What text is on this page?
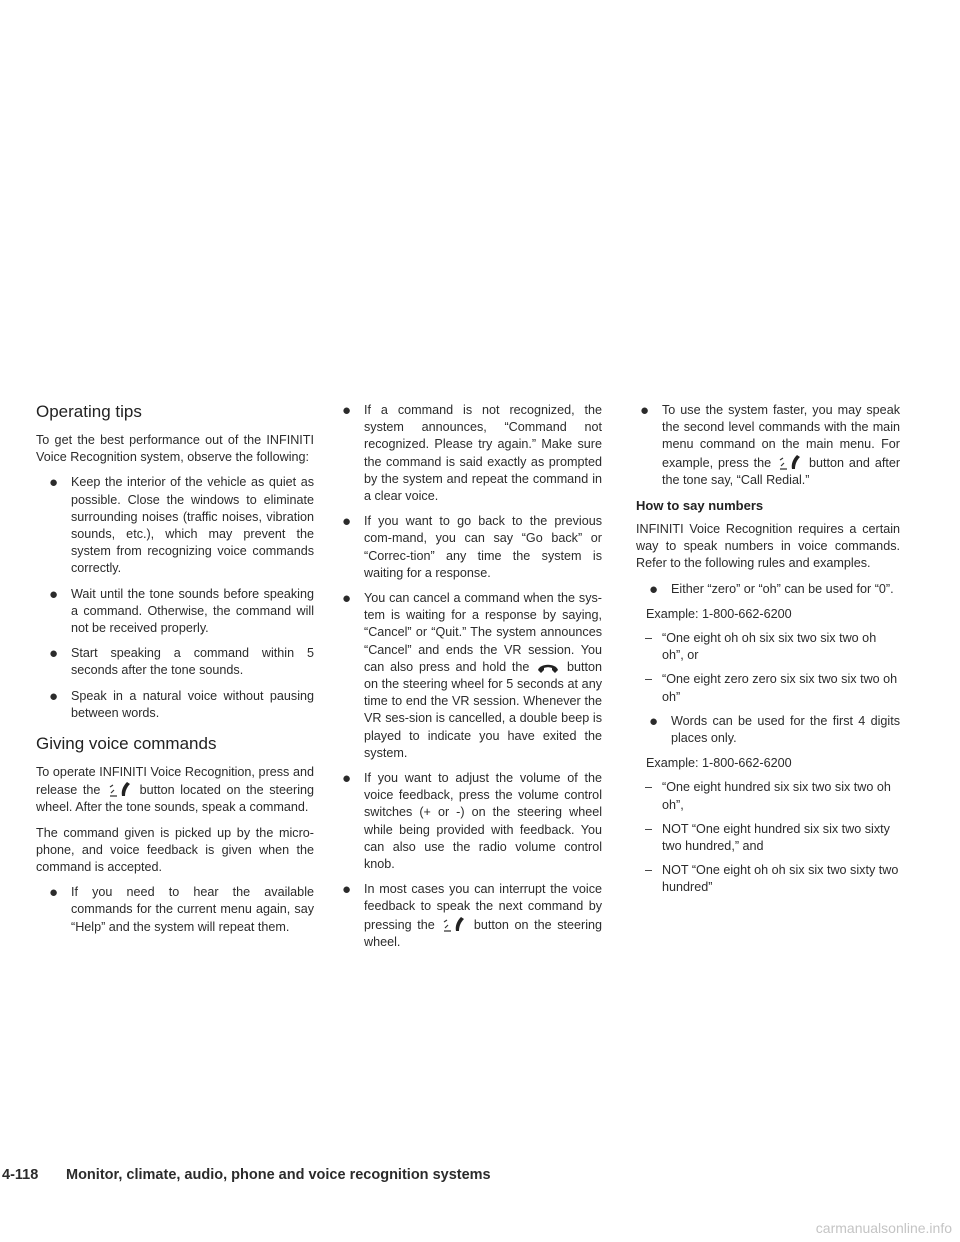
Operating tips

To get the best performance out of the INFINITI Voice Recognition system, observe the following:

● Keep the interior of the vehicle as quiet as possible. Close the windows to eliminate surrounding noises (traffic noises, vibration sounds, etc.), which may prevent the system from recognizing voice commands correctly.
● Wait until the tone sounds before speaking a command. Otherwise, the command will not be received properly.
● Start speaking a command within 5 seconds after the tone sounds.
● Speak in a natural voice without pausing between words.
Giving voice commands

To operate INFINITI Voice Recognition, press and release the	button located on the steering wheel. After the tone sounds, speak a command.

The command given is picked up by the micro-phone, and voice feedback is given when the command is accepted.

● If you need to hear the available commands for the current menu again, say “Help” and the system will repeat them.
● If a command is not recognized, the system announces, “Command not recognized. Please try again.” Make sure the command is said exactly as prompted by the system and repeat the command in a clear voice.
● If you want to go back to the previous com-mand, you can say “Go back” or “Correc-tion” any time the system is waiting for a response.
● You can cancel a command when the sys-tem is waiting for a response by saying, “Cancel” or “Quit.” The system announces “Cancel” and ends the VR session. You can also press and hold the	button on the steering wheel for 5 seconds at any time to end the VR session. Whenever the VR ses-sion is cancelled, a double beep is played to indicate you have exited the system.
● If you want to adjust the volume of the voice feedback, press the volume control switches (+ or -) on the steering wheel while being provided with feedback. You can also use the radio volume control knob.
● In most cases you can interrupt the voice feedback to speak the next command by pressing the	button on the steering wheel.
● To use the system faster, you may speak the second level commands with the main menu command on the main menu. For example, press the	button and after the tone say, “Call Redial.”
How to say numbers

INFINITI Voice Recognition requires a certain way to speak numbers in voice commands. Refer to the following rules and examples.

● Either “zero” or “oh” can be used for “0”.
Example: 1-800-662-6200
– “One eight oh oh six six two six two oh oh”, or
– “One eight zero zero six six two six two oh oh”
● Words can be used for the first 4 digits places only.
Example: 1-800-662-6200
– “One eight hundred six six two six two oh oh”,
– NOT “One eight hundred six six two sixty two hundred,” and
– NOT “One eight oh oh six six two sixty two hundred”
4-118 Monitor, climate, audio, phone and voice recognition systems
carmanualsonline.info
